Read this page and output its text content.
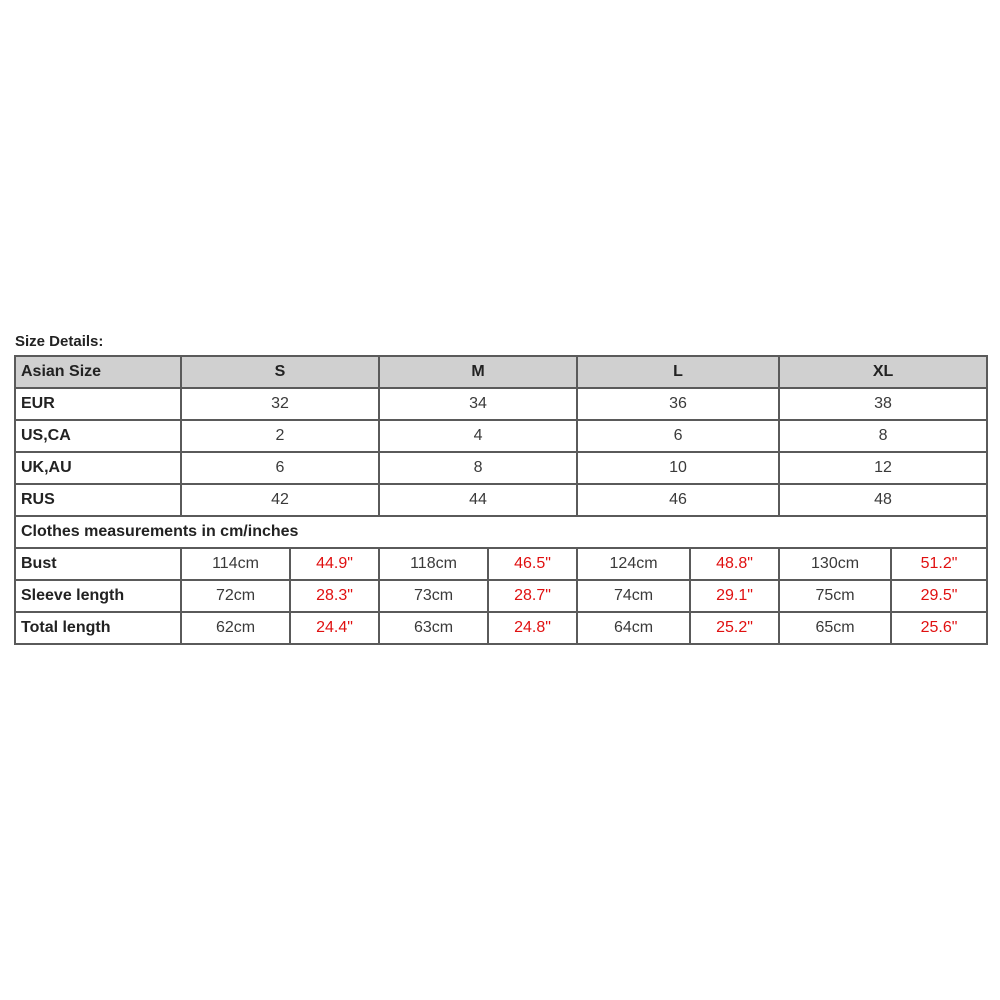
Size Details:
Asian Size	S		M		L		XL	
EUR	32		34		36		38	
US,CA	2		4		6		8	
UK,AU	6		8		10		12	
RUS	42		44		46		48	
Clothes measurements in cm/inches								
Bust	114cm	44.9"	118cm	46.5"	124cm	48.8"	130cm	51.2"
Sleeve length	72cm	28.3"	73cm	28.7"	74cm	29.1"	75cm	29.5"
Total length	62cm	24.4"	63cm	24.8"	64cm	25.2"	65cm	25.6"
